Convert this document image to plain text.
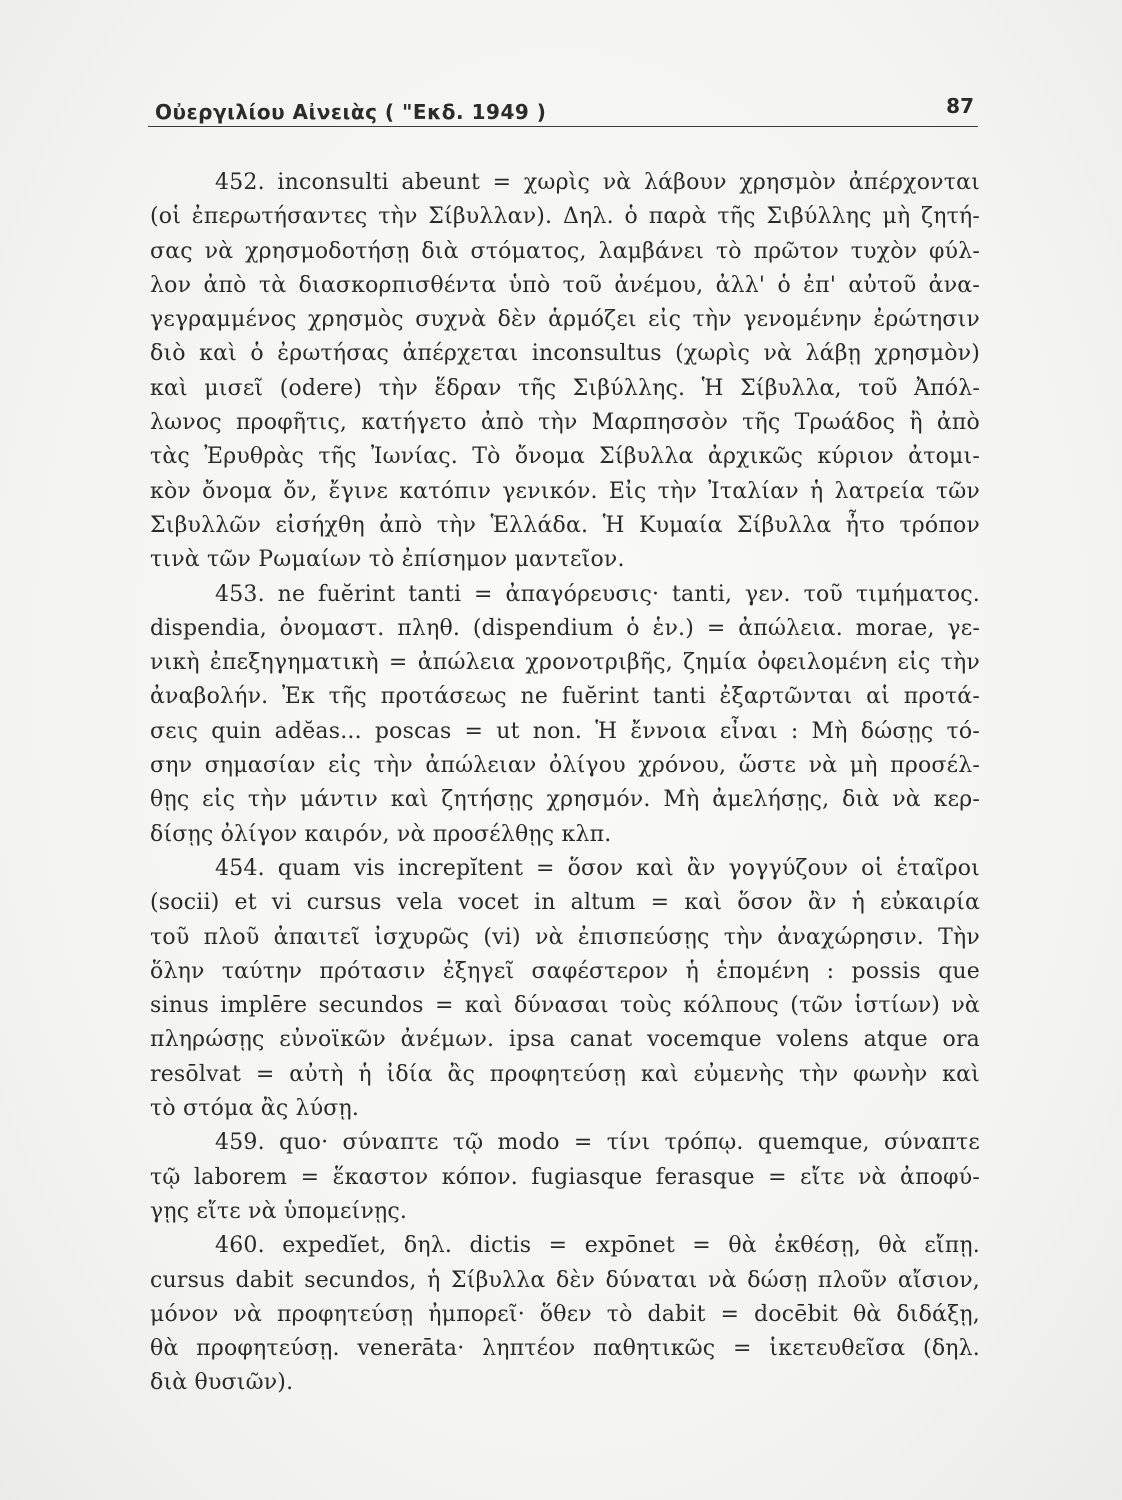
Οὐεργιλίου Αἰνειὰς ( "Εκδ. 1949 )	87
452. inconsulti abeunt = χωρὶς νὰ λάβουν χρησμὸν ἀπέρχονται
(οἱ ἐπερωτήσαντες τὴν Σίβυλλαν). Δηλ. ὁ παρὰ τῆς Σιβύλλης μὴ ζητή-
σας νὰ χρησμοδοτήσῃ διὰ στόματος, λαμβάνει τὸ πρῶτον τυχὸν φύλ-
λον ἀπὸ τὰ διασκορπισθέντα ὑπὸ τοῦ ἀνέμου, ἀλλ' ὁ ἐπ' αὐτοῦ ἀνα-
γεγραμμένος χρησμὸς συχνὰ δὲν ἁρμόζει εἰς τὴν γενομένην ἐρώτησιν
διὸ καὶ ὁ ἐρωτήσας ἀπέρχεται inconsultus (χωρὶς νὰ λάβῃ χρησμὸν)
καὶ μισεῖ (odere) τὴν ἕδραν τῆς Σιβύλλης. Ἡ Σίβυλλα, τοῦ Ἀπόλ-
λωνος προφῆτις, κατήγετο ἀπὸ τὴν Μαρπησσὸν τῆς Τρωάδος ἢ ἀπὸ
τὰς Ἐρυθρὰς τῆς Ἰωνίας. Τὸ ὄνομα Σίβυλλα ἀρχικῶς κύριον ἀτομι-
κὸν ὄνομα ὄν, ἔγινε κατόπιν γενικόν. Εἰς τὴν Ἰταλίαν ἡ λατρεία τῶν
Σιβυλλῶν εἰσήχθη ἀπὸ τὴν Ἑλλάδα. Ἡ Κυμαία Σίβυλλα ἦτο τρόπον
τινὰ τῶν Ρωμαίων τὸ ἐπίσημον μαντεῖον.
453. ne fuĕrint tanti = ἀπαγόρευσις· tanti, γεν. τοῦ τιμήματος.
dispendia, ὀνομαστ. πληθ. (dispendium ὁ ἑν.) = ἀπώλεια. morae, γε-
νικὴ ἐπεξηγηματικὴ = ἀπώλεια χρονοτριβῆς, ζημία ὀφειλομένη εἰς τὴν
ἀναβολήν. Ἐκ τῆς προτάσεως ne fuĕrint tanti ἐξαρτῶνται αἱ προτά-
σεις quin adĕas... poscas = ut non. Ἡ ἔννοια εἶναι : Μὴ δώσῃς τό-
σην σημασίαν εἰς τὴν ἀπώλειαν ὀλίγου χρόνου, ὥστε νὰ μὴ προσέλ-
θῃς εἰς τὴν μάντιν καὶ ζητήσῃς χρησμόν. Μὴ ἀμελήσῃς, διὰ νὰ κερ-
δίσῃς ὀλίγον καιρόν, νὰ προσέλθῃς κλπ.
454. quam vis increpĭtent = ὅσον καὶ ἂν γογγύζουν οἱ ἑταῖροι
(socii) et vi cursus vela vocet in altum = καὶ ὅσον ἂν ἡ εὐκαιρία
τοῦ πλοῦ ἀπαιτεῖ ἰσχυρῶς (vi) νὰ ἐπισπεύσῃς τὴν ἀναχώρησιν. Τὴν
ὅλην ταύτην πρότασιν ἐξηγεῖ σαφέστερον ἡ ἑπομένη : possis que
sinus implēre secundos = καὶ δύνασαι τοὺς κόλπους (τῶν ἱστίων) νὰ
πληρώσῃς εὐνοϊκῶν ἀνέμων. ipsa canat vocemque volens atque ora
resōlvat = αὐτὴ ἡ ἰδία ἂς προφητεύσῃ καὶ εὐμενὴς τὴν φωνὴν καὶ
τὸ στόμα ἂς λύσῃ.
459. quo· σύναπτε τῷ modo = τίνι τρόπῳ. quemque, σύναπτε
τῷ laborem = ἕκαστον κόπον. fugiasque ferasque = εἴτε νὰ ἀποφύ-
γῃς εἴτε νὰ ὑπομείνῃς.
460. expedĭet, δηλ. dictis = expōnet = θὰ ἐκθέσῃ, θὰ εἴπῃ.
cursus dabit secundos, ἡ Σίβυλλα δὲν δύναται νὰ δώσῃ πλοῦν αἴσιον,
μόνον νὰ προφητεύσῃ ἠμπορεῖ· ὅθεν τὸ dabit = docēbit θὰ διδάξῃ,
θὰ προφητεύσῃ. venerāta· ληπτέον παθητικῶς = ἱκετευθεῖσα (δηλ.
διὰ θυσιῶν).
